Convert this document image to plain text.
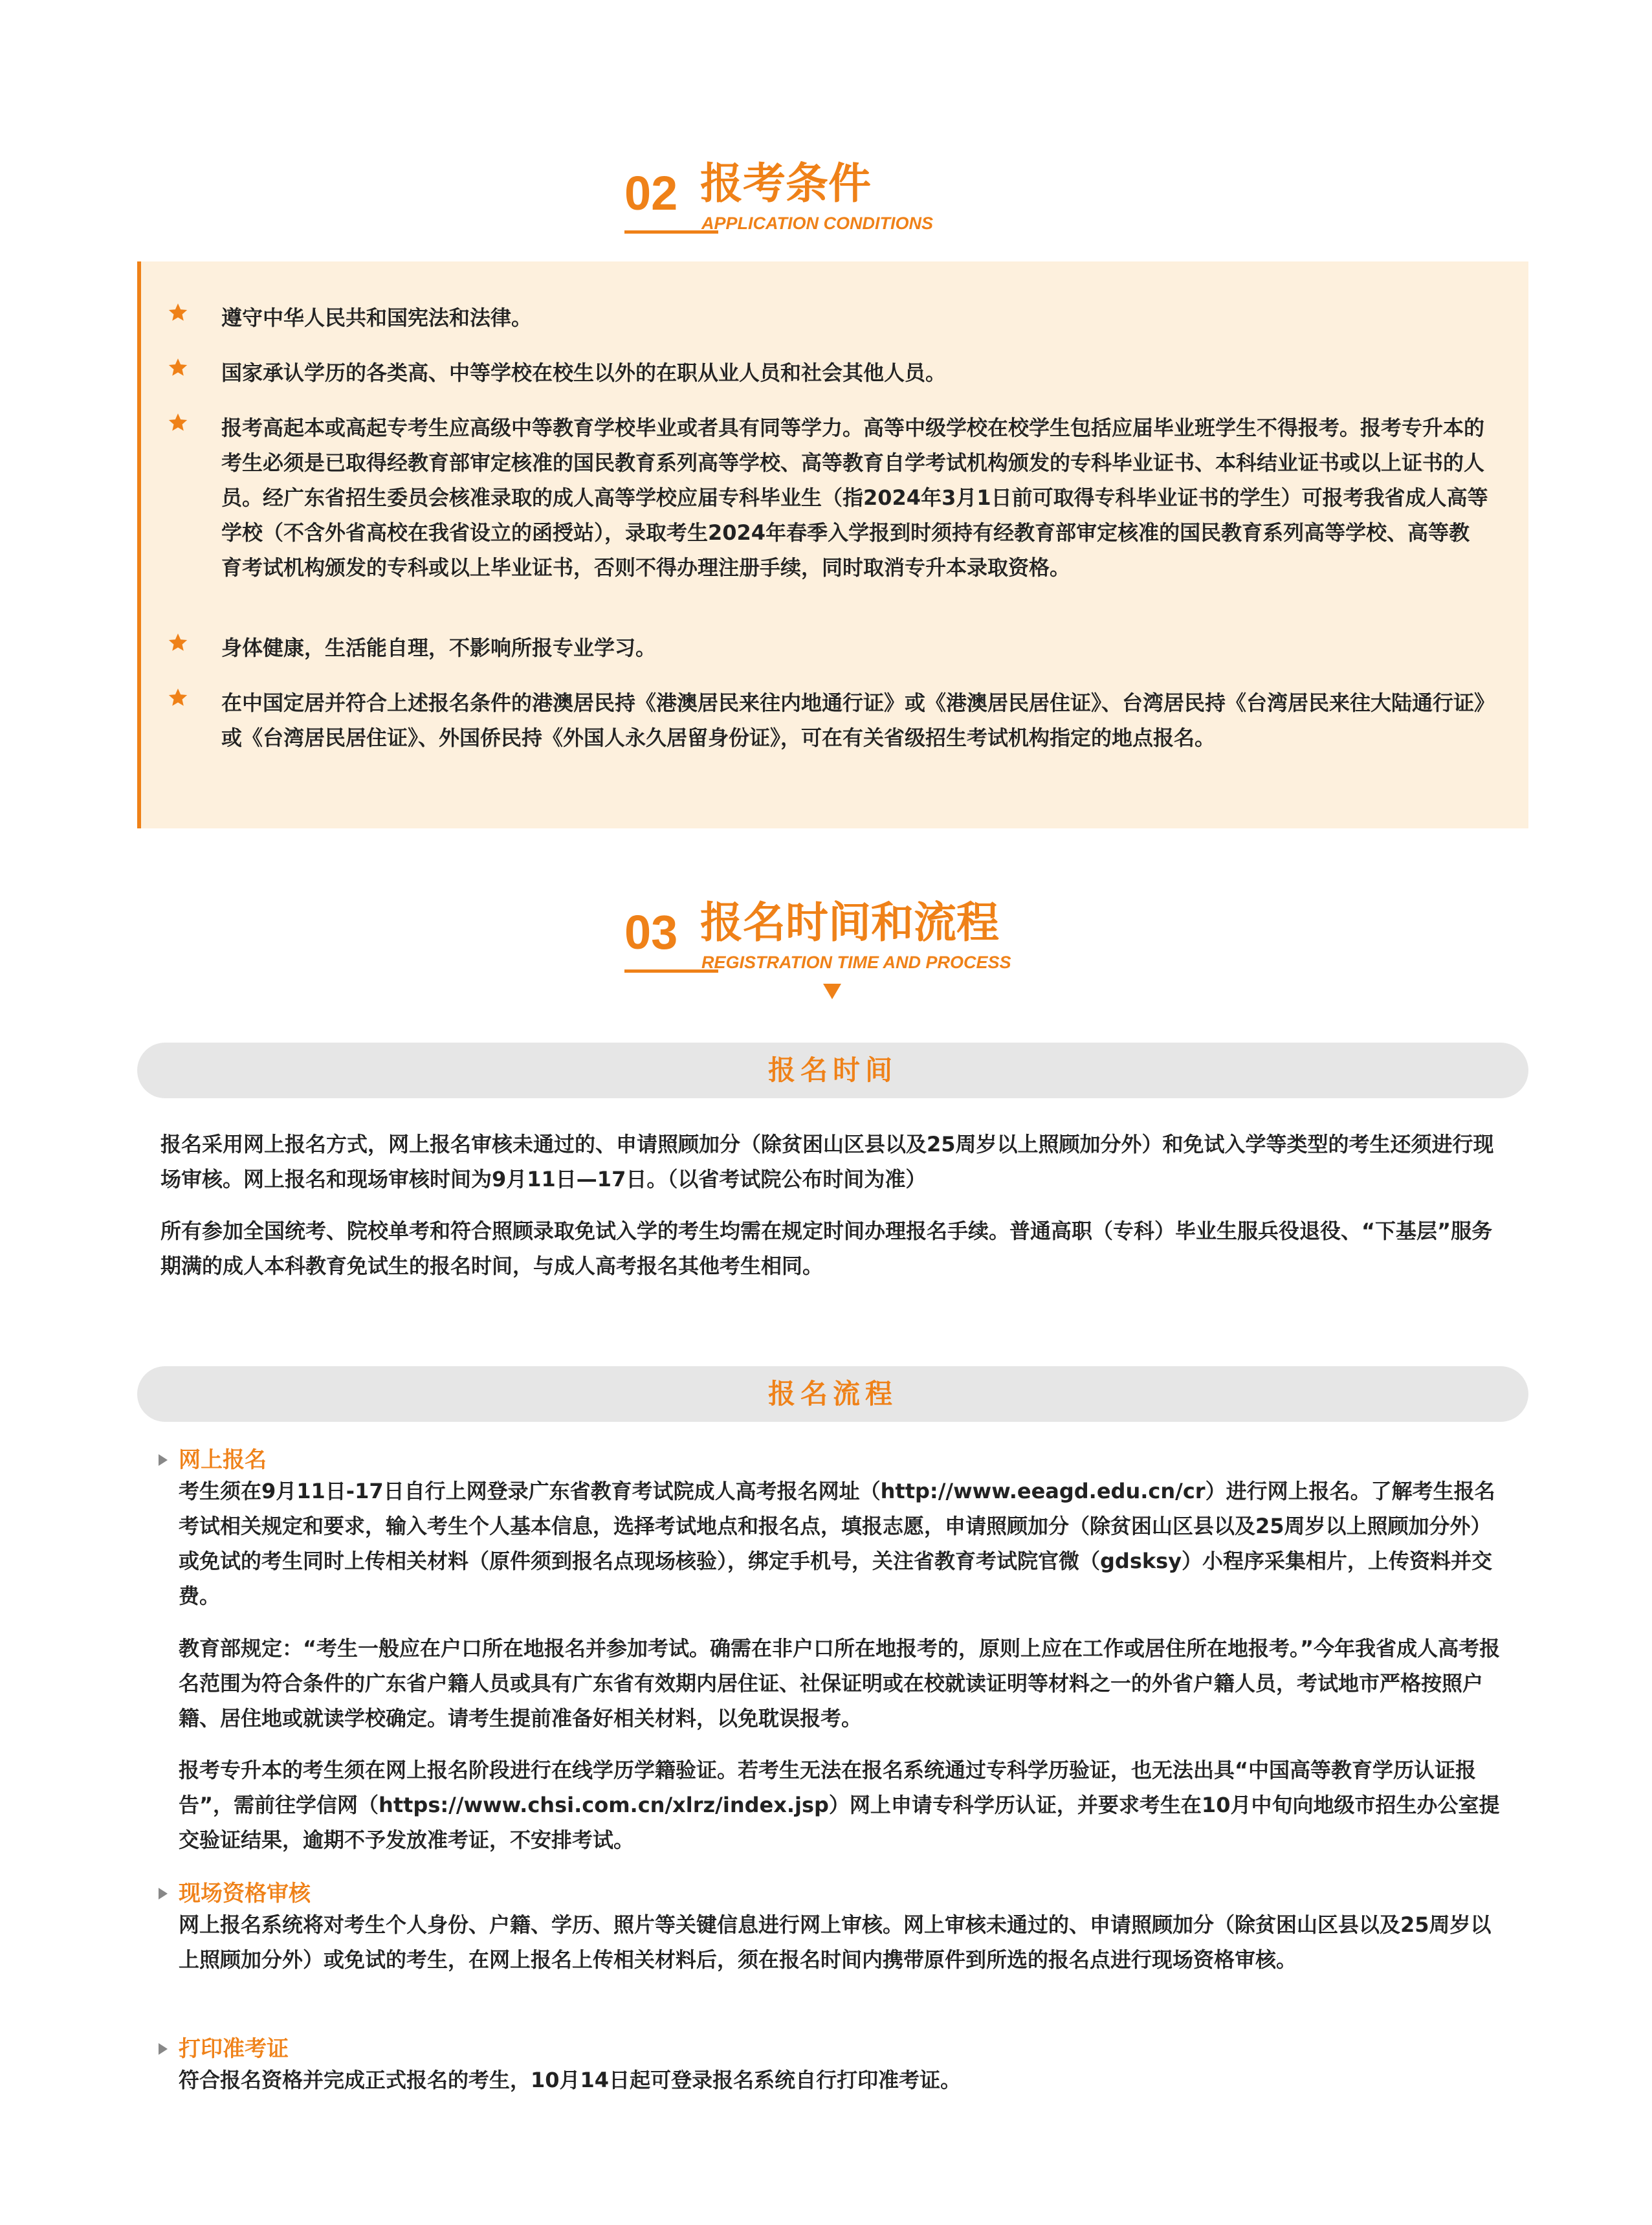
02 报考条件
APPLICATION CONDITIONS
遵守中华人民共和国宪法和法律。
国家承认学历的各类高、中等学校在校生以外的在职从业人员和社会其他人员。
报考高起本或高起专考生应高级中等教育学校毕业或者具有同等学力。高等中级学校在校学生包括应届毕业班学生不得报考。报考专升本的考生必须是已取得经教育部审定核准的国民教育系列高等学校、高等教育自学考试机构颁发的专科毕业证书、本科结业证书或以上证书的人员。经广东省招生委员会核准录取的成人高等学校应届专科毕业生（指2024年3月1日前可取得专科毕业证书的学生）可报考我省成人高等学校（不含外省高校在我省设立的函授站），录取考生2024年春季入学报到时须持有经教育部审定核准的国民教育系列高等学校、高等教育考试机构颁发的专科或以上毕业证书，否则不得办理注册手续，同时取消专升本录取资格。
身体健康，生活能自理，不影响所报专业学习。
在中国定居并符合上述报名条件的港澳居民持《港澳居民来往内地通行证》或《港澳居民居住证》、台湾居民持《台湾居民来往大陆通行证》或《台湾居民居住证》、外国侨民持《外国人永久居留身份证》，可在有关省级招生考试机构指定的地点报名。
03 报名时间和流程
REGISTRATION TIME AND PROCESS
报名时间
报名采用网上报名方式，网上报名审核未通过的、申请照顾加分（除贫困山区县以及25周岁以上照顾加分外）和免试入学等类型的考生还须进行现场审核。网上报名和现场审核时间为9月11日—17日。（以省考试院公布时间为准）
所有参加全国统考、院校单考和符合照顾录取免试入学的考生均需在规定时间办理报名手续。普通高职（专科）毕业生服兵役退役、“下基层”服务期满的成人本科教育免试生的报名时间，与成人高考报名其他考生相同。
报名流程
网上报名
考生须在9月11日-17日自行上网登录广东省教育考试院成人高考报名网址（http://www.eeagd.edu.cn/cr）进行网上报名。了解考生报名考试相关规定和要求，输入考生个人基本信息，选择考试地点和报名点，填报志愿，申请照顾加分（除贫困山区县以及25周岁以上照顾加分外）或免试的考生同时上传相关材料（原件须到报名点现场核验），绑定手机号，关注省教育考试院官微（gdsksy）小程序采集相片，上传资料并交费。
教育部规定：“考生一般应在户口所在地报名并参加考试。确需在非户口所在地报考的，原则上应在工作或居住所在地报考。”今年我省成人高考报名范围为符合条件的广东省户籍人员或具有广东省有效期内居住证、社保证明或在校就读证明等材料之一的外省户籍人员，考试地市严格按照户籍、居住地或就读学校确定。请考生提前准备好相关材料，以免耽误报考。
报考专升本的考生须在网上报名阶段进行在线学历学籍验证。若考生无法在报名系统通过专科学历验证，也无法出具“中国高等教育学历认证报告”，需前往学信网（https://www.chsi.com.cn/xlrz/index.jsp）网上申请专科学历认证，并要求考生在10月中旬向地级市招生办公室提交验证结果，逾期不予发放准考证，不安排考试。
现场资格审核
网上报名系统将对考生个人身份、户籍、学历、照片等关键信息进行网上审核。网上审核未通过的、申请照顾加分（除贫困山区县以及25周岁以上照顾加分外）或免试的考生，在网上报名上传相关材料后，须在报名时间内携带原件到所选的报名点进行现场资格审核。
打印准考证
符合报名资格并完成正式报名的考生，10月14日起可登录报名系统自行打印准考证。
